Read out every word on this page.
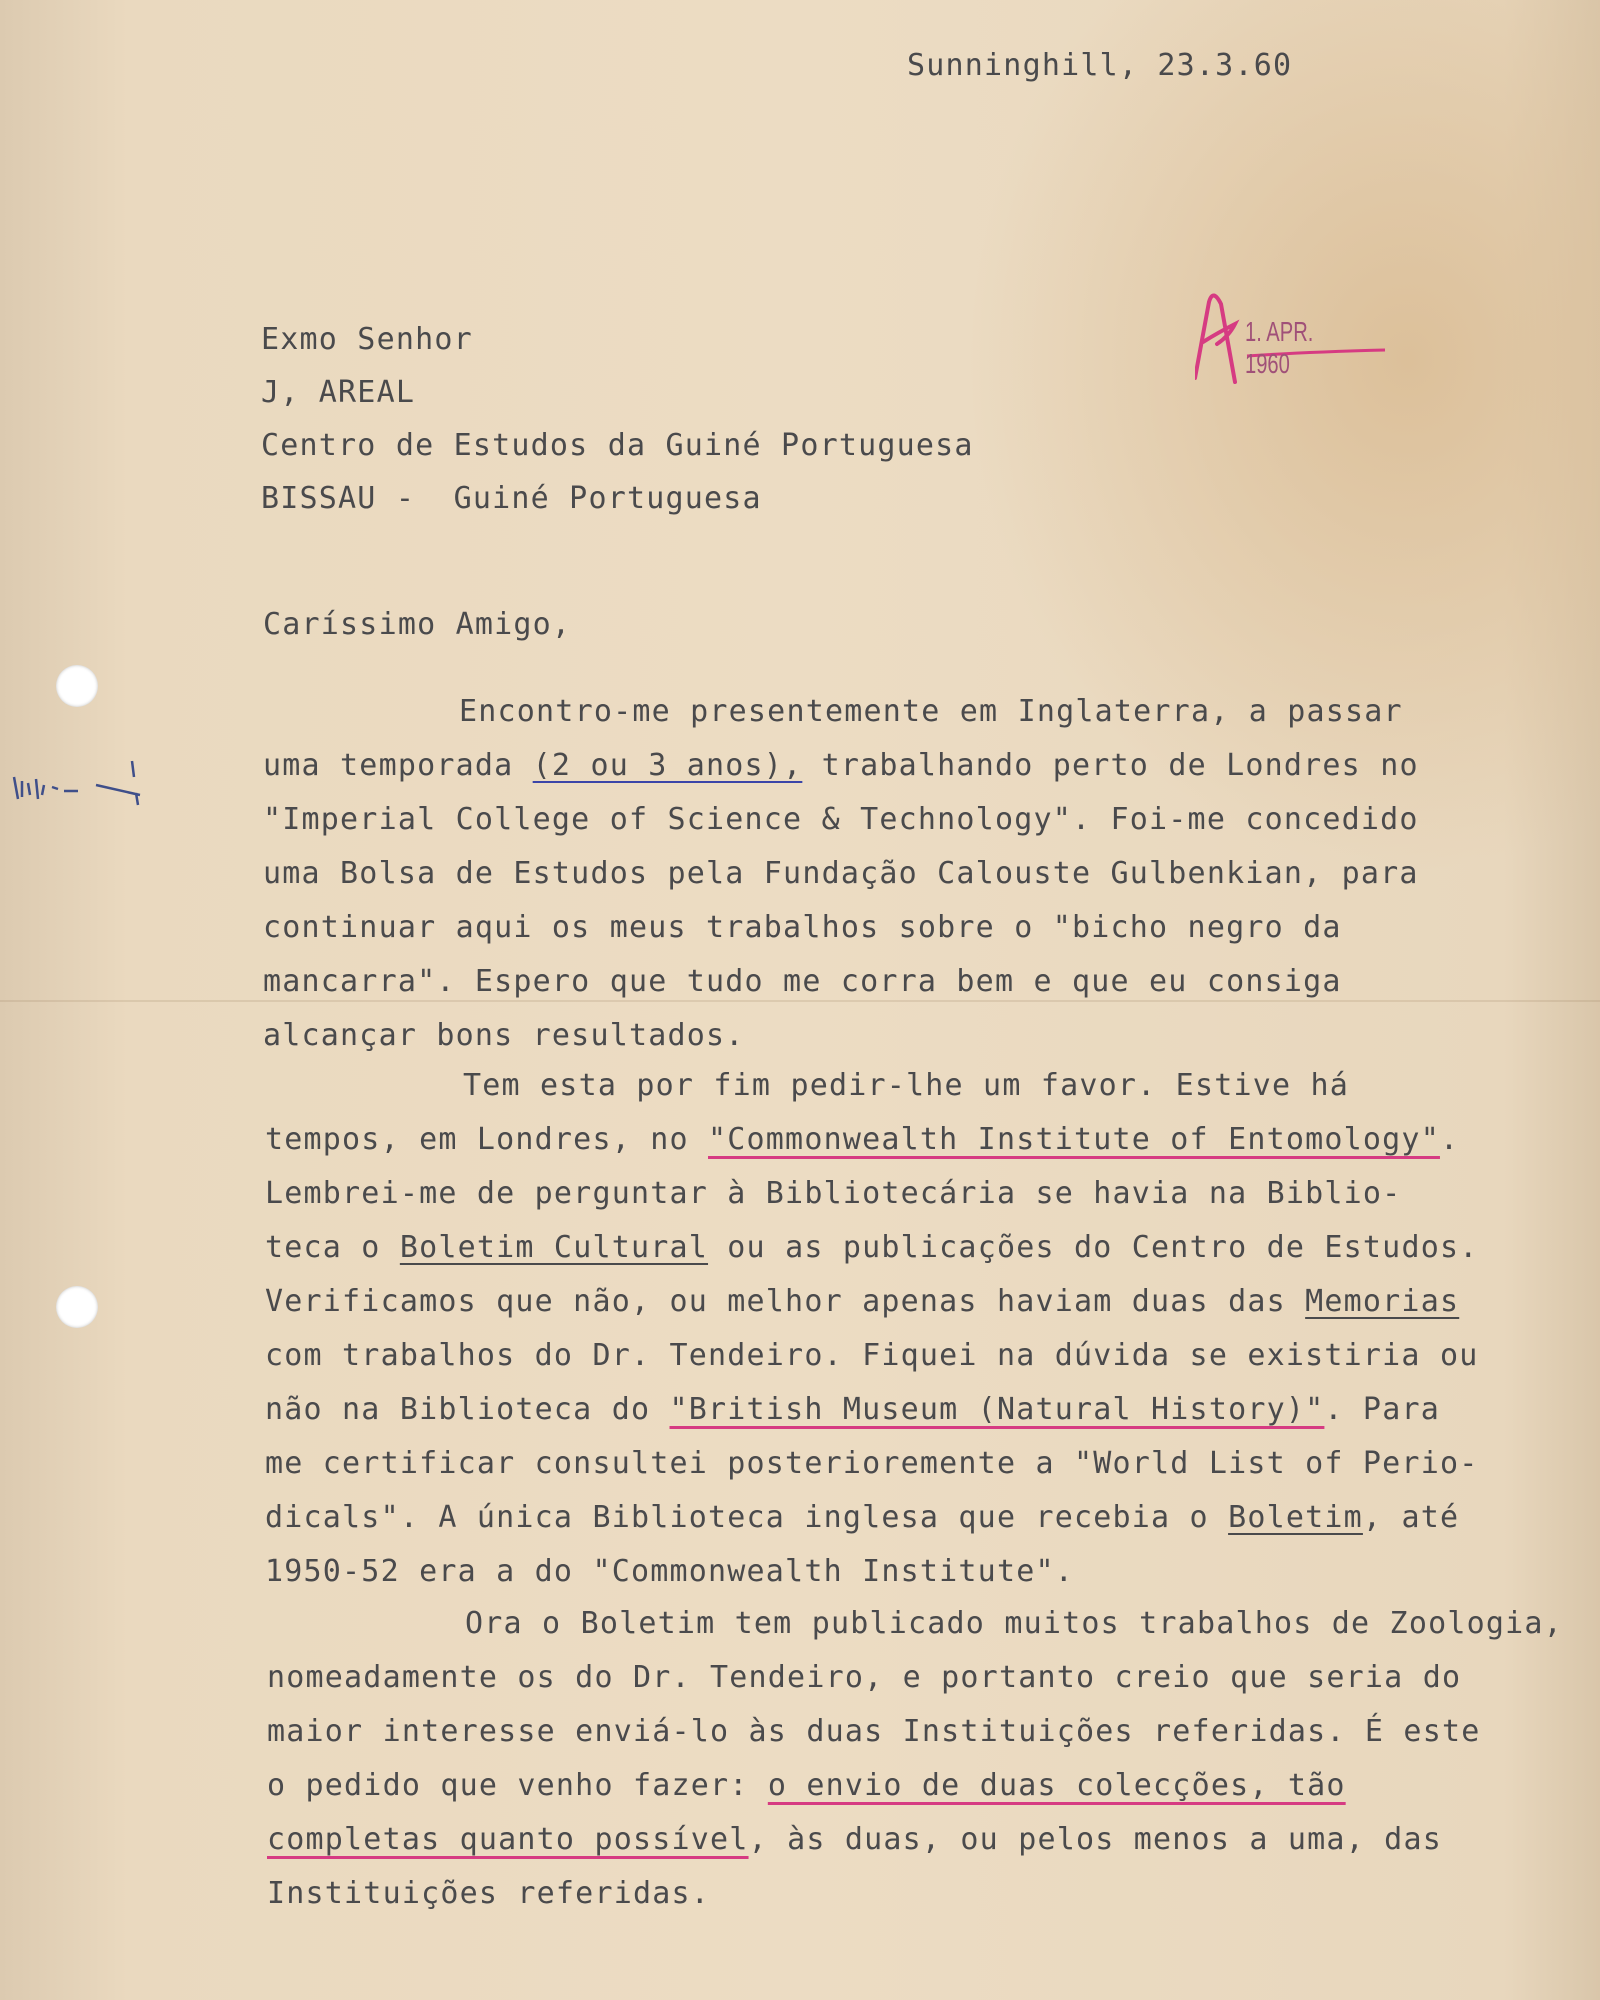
Sunninghill, 23.3.60
1. APR. 1960
Exmo Senhor
J, AREAL
Centro de Estudos da Guiné Portuguesa
BISSAU -  Guiné Portuguesa
Caríssimo Amigo,
Encontro-me presentemente em Inglaterra, a passar
uma temporada (2 ou 3 anos), trabalhando perto de Londres no
"Imperial College of Science & Technology". Foi-me concedido
uma Bolsa de Estudos pela Fundação Calouste Gulbenkian, para
continuar aqui os meus trabalhos sobre o "bicho negro da
mancarra". Espero que tudo me corra bem e que eu consiga
alcançar bons resultados.
Tem esta por fim pedir-lhe um favor. Estive há
tempos, em Londres, no "Commonwealth Institute of Entomology".
Lembrei-me de perguntar à Bibliotecária se havia na Biblio-
teca o Boletim Cultural ou as publicações do Centro de Estudos.
Verificamos que não, ou melhor apenas haviam duas das Memorias
com trabalhos do Dr. Tendeiro. Fiquei na dúvida se existiria ou
não na Biblioteca do "British Museum (Natural History)". Para
me certificar consultei posterioremente a "World List of Perio-
dicals". A única Biblioteca inglesa que recebia o Boletim, até
1950-52 era a do "Commonwealth Institute".
Ora o Boletim tem publicado muitos trabalhos de Zoologia,
nomeadamente os do Dr. Tendeiro, e portanto creio que seria do
maior interesse enviá-lo às duas Instituições referidas. É este
o pedido que venho fazer: o envio de duas colecções, tão
completas quanto possível, às duas, ou pelos menos a uma, das
Instituições referidas.
